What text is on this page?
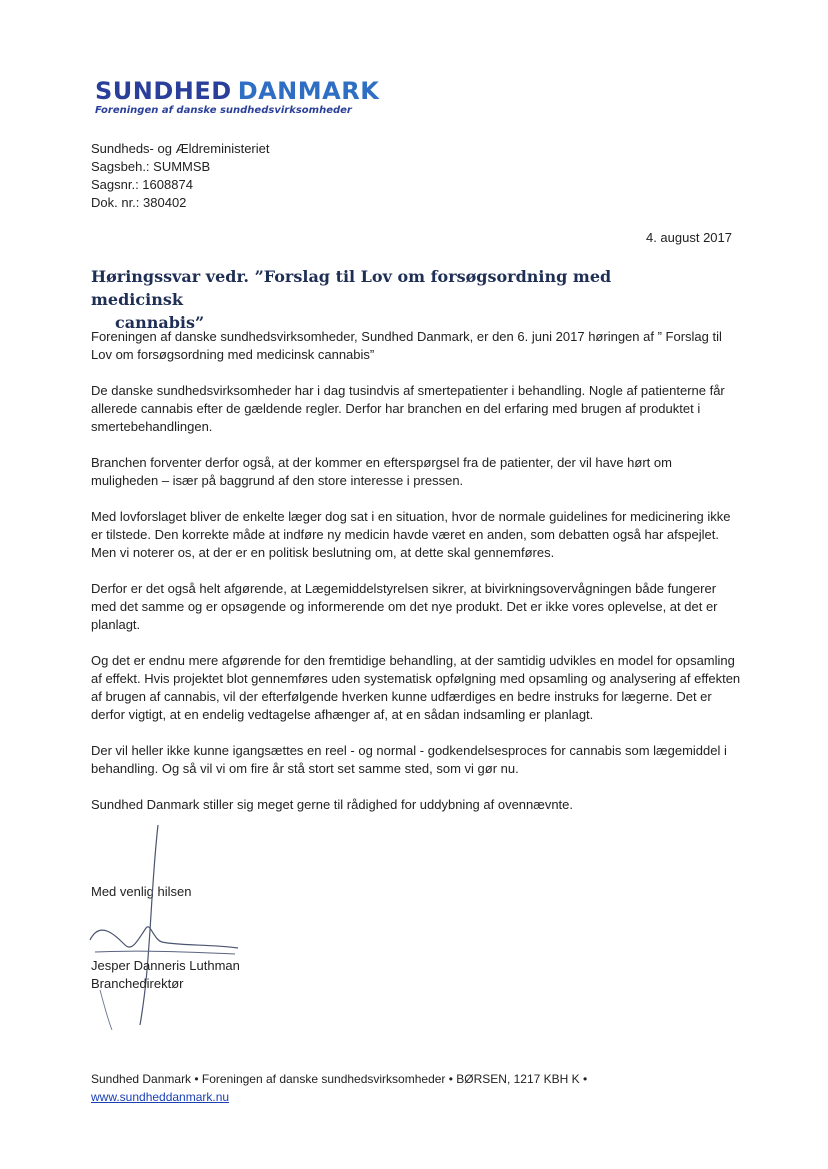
SUNDHED DANMARK
Foreningen af danske sundhedsvirksomheder
Sundheds- og Ældreministeriet
Sagsbeh.: SUMMSB
Sagsnr.: 1608874
Dok. nr.: 380402
4. august 2017
Høringssvar vedr. ”Forslag til Lov om forsøgsordning med medicinsk
cannabis”

Foreningen af danske sundhedsvirksomheder, Sundhed Danmark, er den 6. juni 2017 høringen af ” Forslag til Lov om forsøgsordning med medicinsk cannabis”

De danske sundhedsvirksomheder har i dag tusindvis af smertepatienter i behandling. Nogle af patienterne får allerede cannabis efter de gældende regler. Derfor har branchen en del erfaring med brugen af produktet i smertebehandlingen.

Branchen forventer derfor også, at der kommer en efterspørgsel fra de patienter, der vil have hørt om muligheden – især på baggrund af den store interesse i pressen.

Med lovforslaget bliver de enkelte læger dog sat i en situation, hvor de normale guidelines for medicinering ikke er tilstede. Den korrekte måde at indføre ny medicin havde været en anden, som debatten også har afspejlet. Men vi noterer os, at der er en politisk beslutning om, at dette skal gennemføres.

Derfor er det også helt afgørende, at Lægemiddelstyrelsen sikrer, at bivirkningsovervågningen både fungerer med det samme og er opsøgende og informerende om det nye produkt. Det er ikke vores oplevelse, at det er planlagt.

Og det er endnu mere afgørende for den fremtidige behandling, at der samtidig udvikles en model for opsamling af effekt. Hvis projektet blot gennemføres uden systematisk opfølgning med opsamling og analysering af effekten af brugen af cannabis, vil der efterfølgende hverken kunne udfærdiges en bedre instruks for lægerne. Det er derfor vigtigt, at en endelig vedtagelse afhænger af, at en sådan indsamling er planlagt.

Der vil heller ikke kunne igangsættes en reel - og normal - godkendelsesproces for cannabis som lægemiddel i behandling. Og så vil vi om fire år stå stort set samme sted, som vi gør nu.

Sundhed Danmark stiller sig meget gerne til rådighed for uddybning af ovennævnte.

Med venlig hilsen
Jesper Danneris Luthman
Branchedirektør
Sundhed Danmark • Foreningen af danske sundhedsvirksomheder • BØRSEN, 1217 KBH K •
www.sundheddanmark.nu
